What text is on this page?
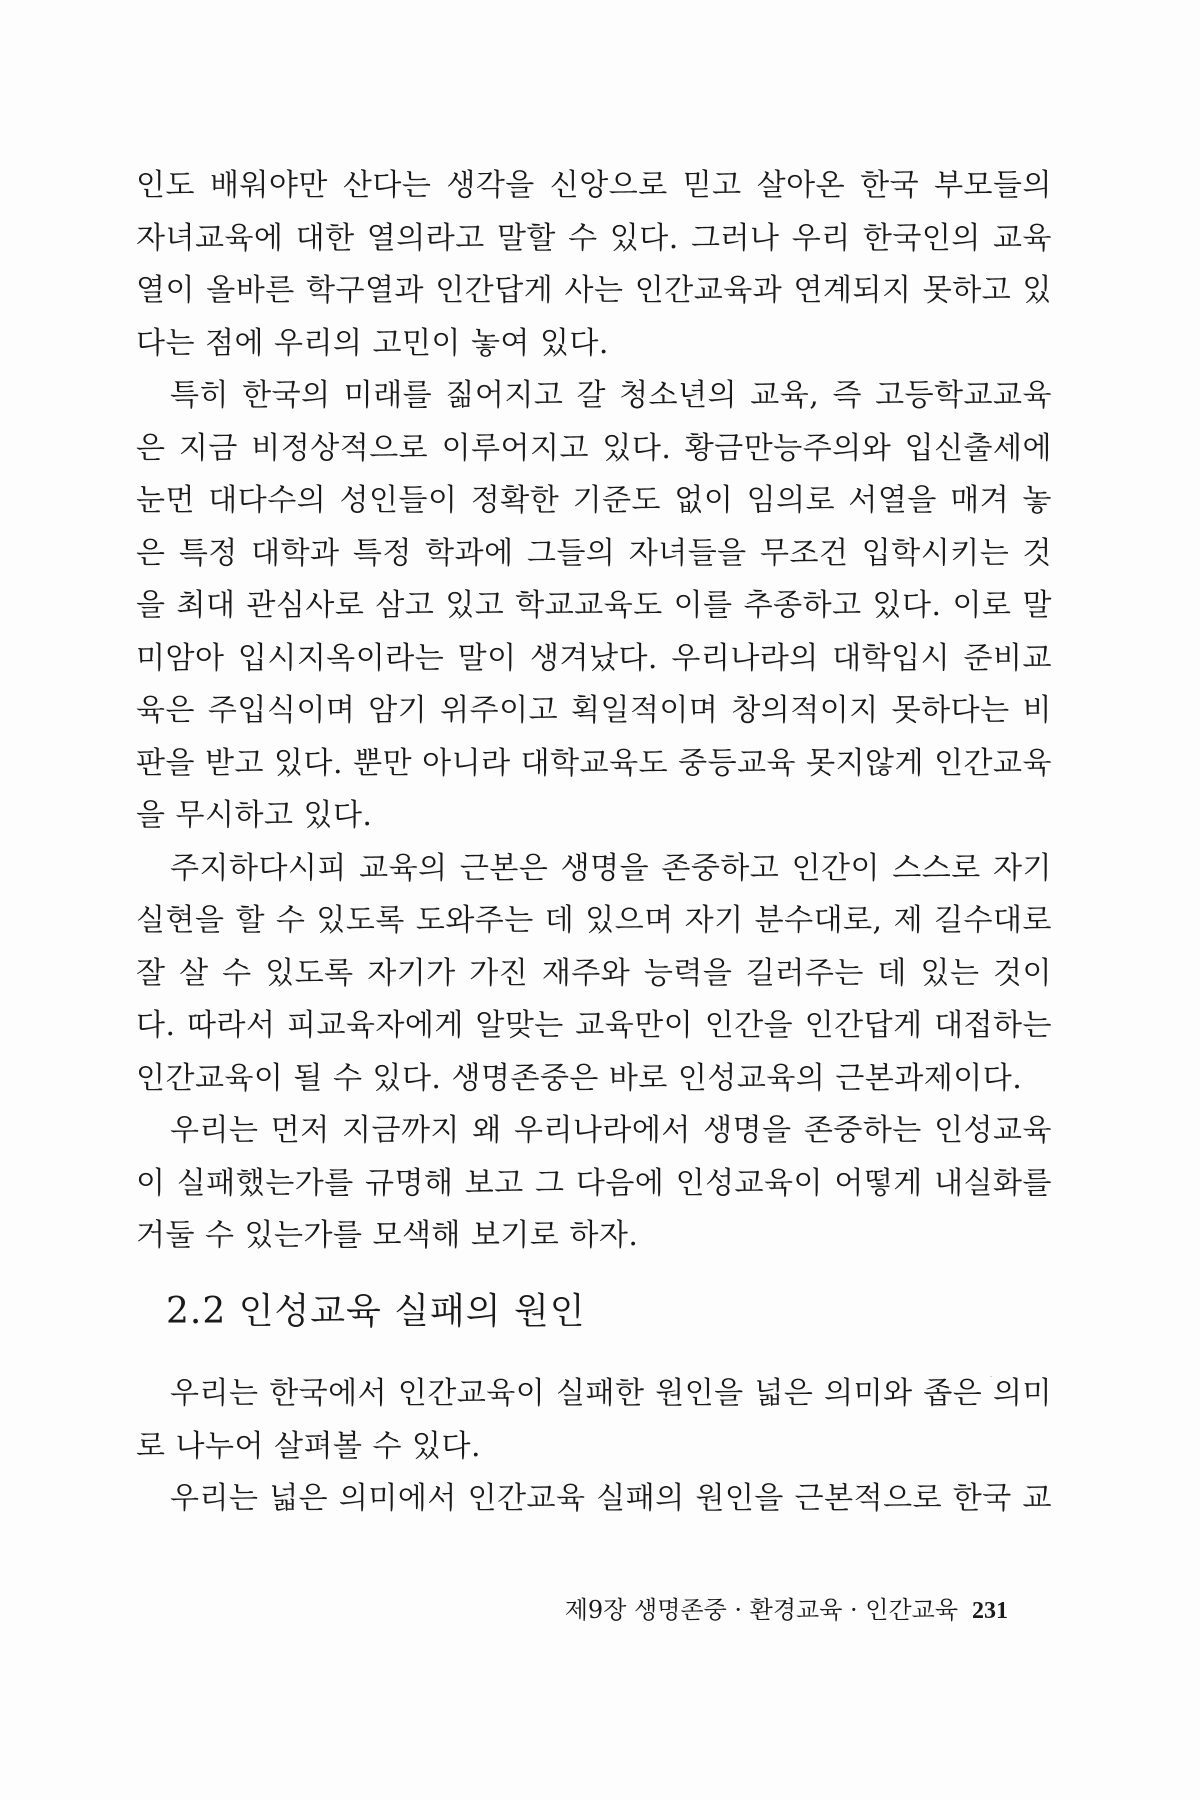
인도 배워야만 산다는 생각을 신앙으로 믿고 살아온 한국 부모들의
자녀교육에 대한 열의라고 말할 수 있다. 그러나 우리 한국인의 교육
열이 올바른 학구열과 인간답게 사는 인간교육과 연계되지 못하고 있
다는 점에 우리의 고민이 놓여 있다.
특히 한국의 미래를 짊어지고 갈 청소년의 교육, 즉 고등학교교육
은 지금 비정상적으로 이루어지고 있다. 황금만능주의와 입신출세에
눈먼 대다수의 성인들이 정확한 기준도 없이 임의로 서열을 매겨 놓
은 특정 대학과 특정 학과에 그들의 자녀들을 무조건 입학시키는 것
을 최대 관심사로 삼고 있고 학교교육도 이를 추종하고 있다. 이로 말
미암아 입시지옥이라는 말이 생겨났다. 우리나라의 대학입시 준비교
육은 주입식이며 암기 위주이고 획일적이며 창의적이지 못하다는 비
판을 받고 있다. 뿐만 아니라 대학교육도 중등교육 못지않게 인간교육
을 무시하고 있다.
주지하다시피 교육의 근본은 생명을 존중하고 인간이 스스로 자기
실현을 할 수 있도록 도와주는 데 있으며 자기 분수대로, 제 길수대로
잘 살 수 있도록 자기가 가진 재주와 능력을 길러주는 데 있는 것이
다. 따라서 피교육자에게 알맞는 교육만이 인간을 인간답게 대접하는
인간교육이 될 수 있다. 생명존중은 바로 인성교육의 근본과제이다.
우리는 먼저 지금까지 왜 우리나라에서 생명을 존중하는 인성교육
이 실패했는가를 규명해 보고 그 다음에 인성교육이 어떻게 내실화를
거둘 수 있는가를 모색해 보기로 하자.
2.2 인성교육 실패의 원인
우리는 한국에서 인간교육이 실패한 원인을 넓은 의미와 좁은 의미
로 나누어 살펴볼 수 있다.
우리는 넓은 의미에서 인간교육 실패의 원인을 근본적으로 한국 교
제9장 생명존중 · 환경교육 · 인간교육 231
